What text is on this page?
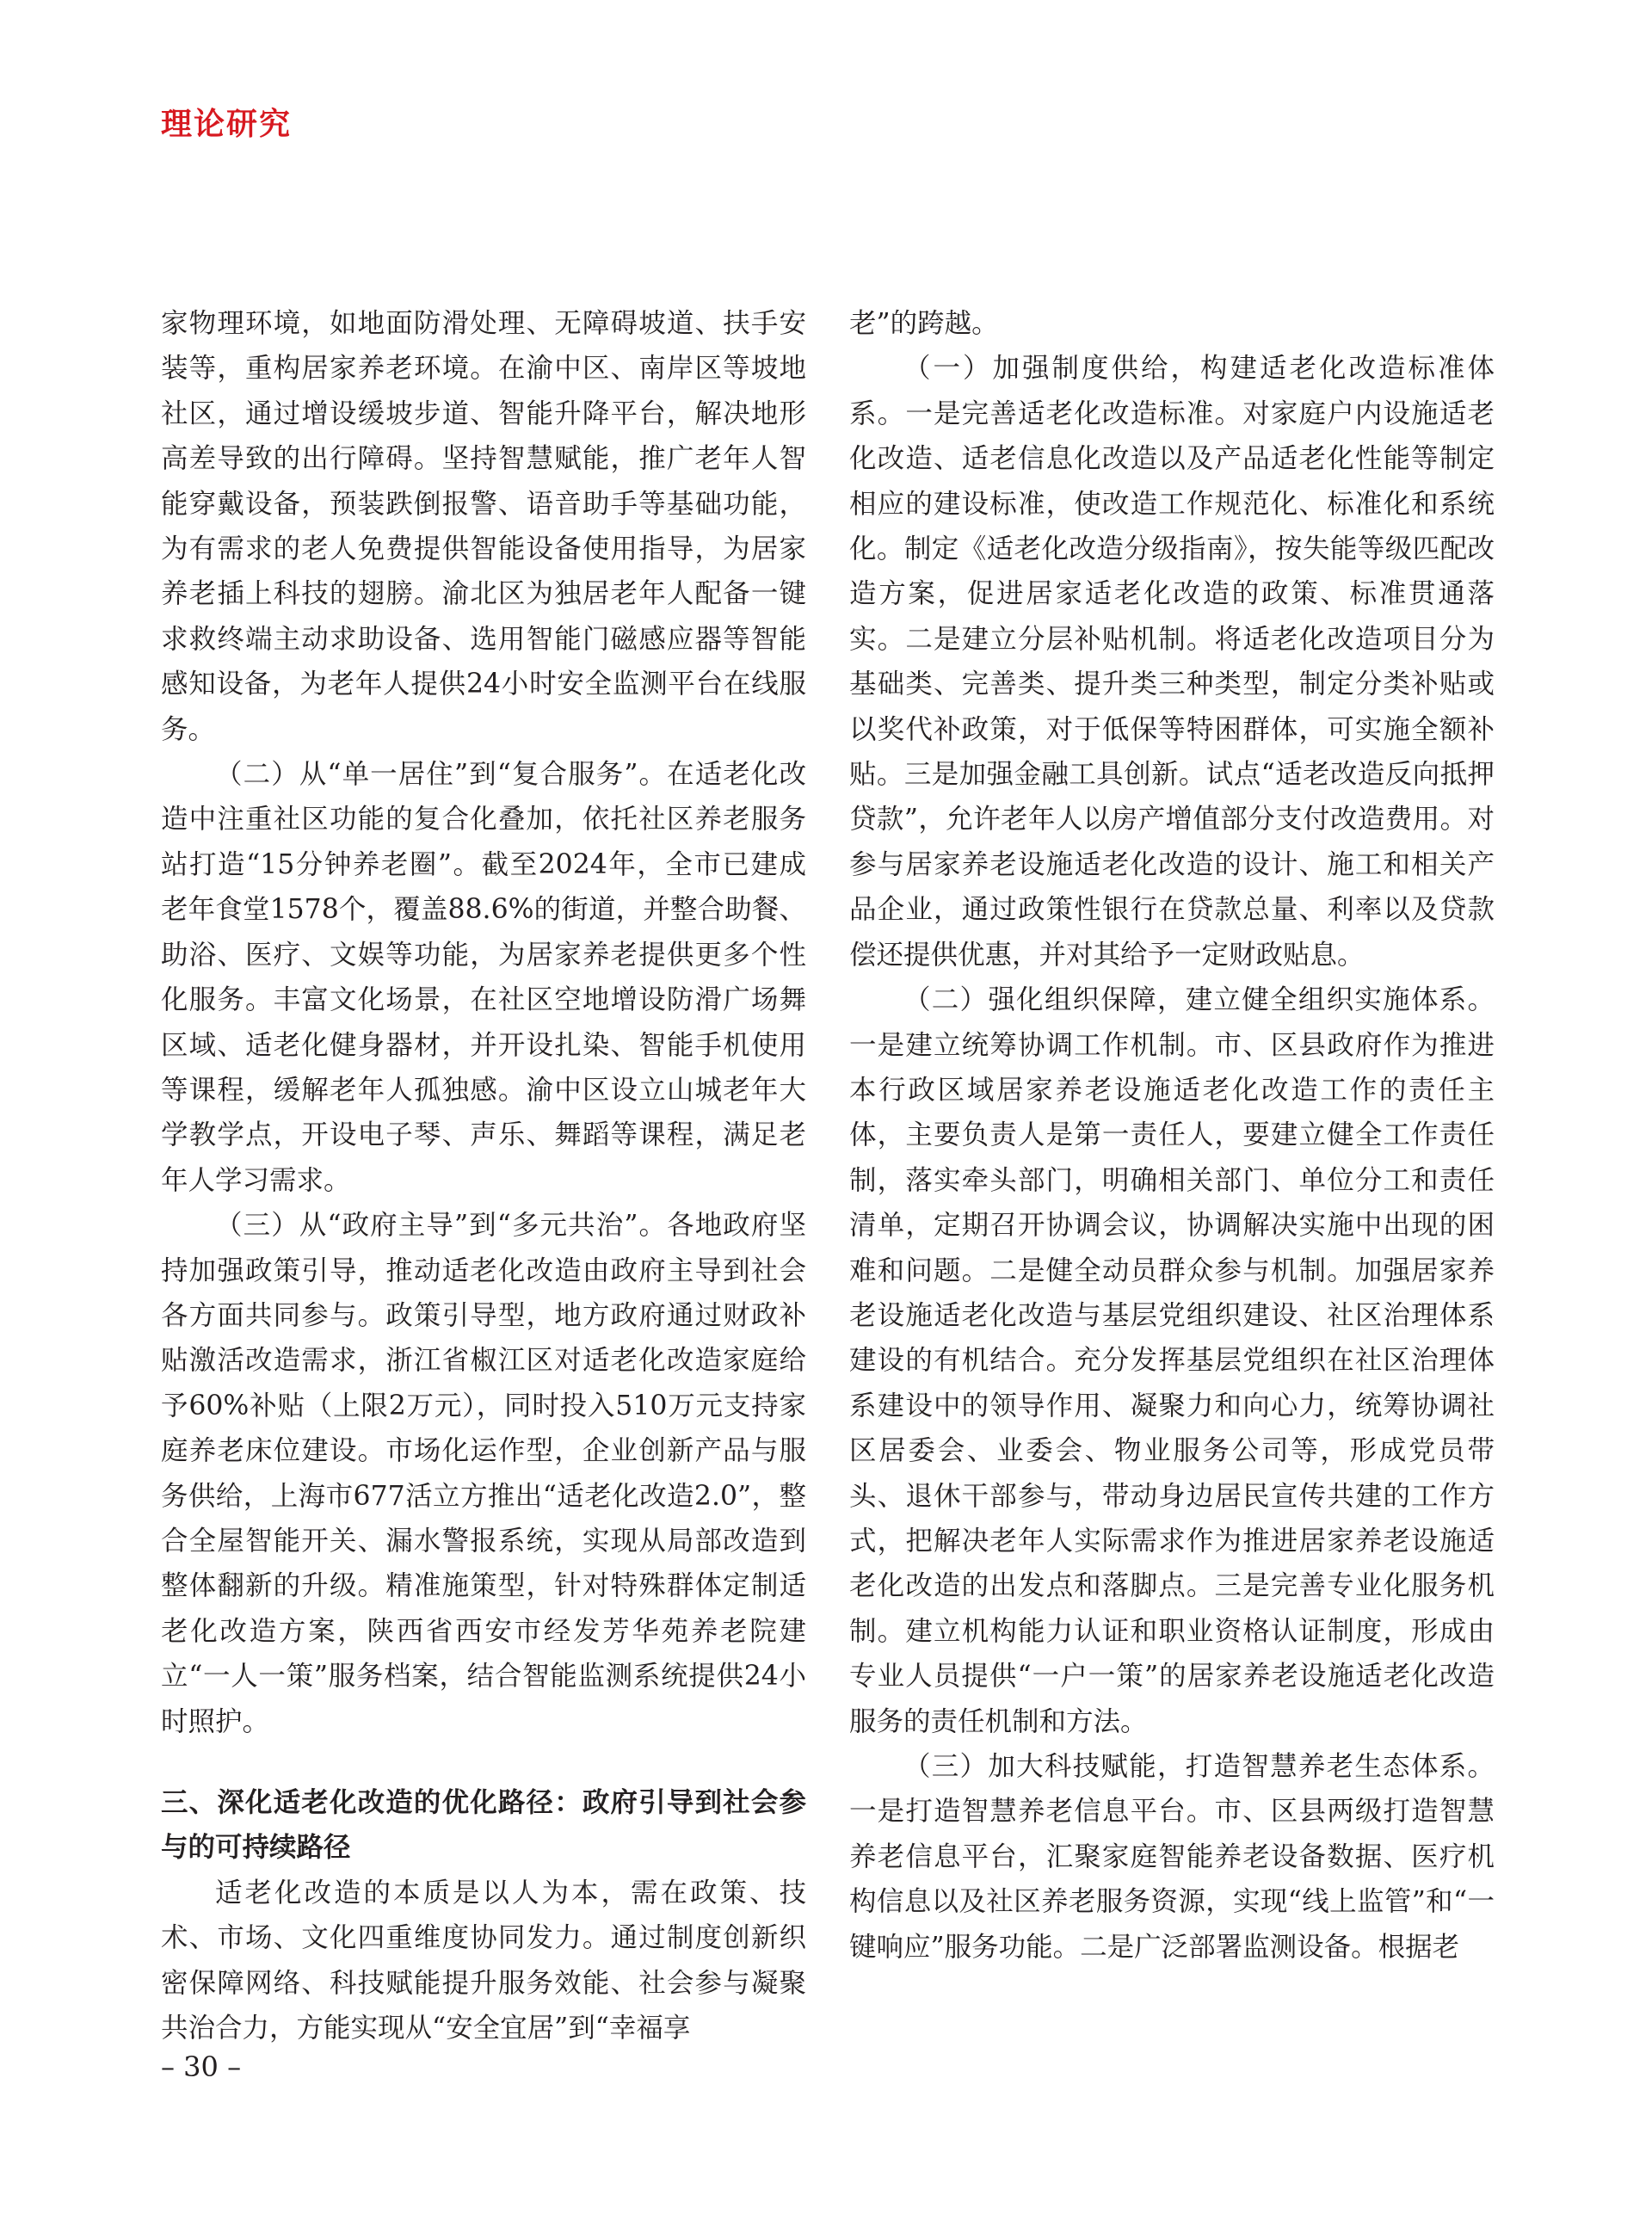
理论研究

家物理环境，如地面防滑处理、无障碍坡道、扶手安装等，重构居家养老环境。在渝中区、南岸区等坡地社区，通过增设缓坡步道、智能升降平台，解决地形高差导致的出行障碍。坚持智慧赋能，推广老年人智能穿戴设备，预装跌倒报警、语音助手等基础功能，为有需求的老人免费提供智能设备使用指导，为居家养老插上科技的翅膀。渝北区为独居老年人配备一键求救终端主动求助设备、选用智能门磁感应器等智能感知设备，为老年人提供24小时安全监测平台在线服务。

（二）从“单一居住”到“复合服务”。在适老化改造中注重社区功能的复合化叠加，依托社区养老服务站打造“15分钟养老圈”。截至2024年，全市已建成老年食堂1578个，覆盖88.6%的街道，并整合助餐、助浴、医疗、文娱等功能，为居家养老提供更多个性化服务。丰富文化场景，在社区空地增设防滑广场舞区域、适老化健身器材，并开设扎染、智能手机使用等课程，缓解老年人孤独感。渝中区设立山城老年大学教学点，开设电子琴、声乐、舞蹈等课程，满足老年人学习需求。

（三）从“政府主导”到“多元共治”。各地政府坚持加强政策引导，推动适老化改造由政府主导到社会各方面共同参与。政策引导型，地方政府通过财政补贴激活改造需求，浙江省椒江区对适老化改造家庭给予60%补贴（上限2万元），同时投入510万元支持家庭养老床位建设。市场化运作型，企业创新产品与服务供给，上海市677活立方推出“适老化改造2.0”，整合全屋智能开关、漏水警报系统，实现从局部改造到整体翻新的升级。精准施策型，针对特殊群体定制适老化改造方案，陕西省西安市经发芳华苑养老院建立“一人一策”服务档案，结合智能监测系统提供24小时照护。

三、深化适老化改造的优化路径：政府引导到社会参与的可持续路径

适老化改造的本质是以人为本，需在政策、技术、市场、文化四重维度协同发力。通过制度创新织密保障网络、科技赋能提升服务效能、社会参与凝聚共治合力，方能实现从“安全宜居”到“幸福享

老”的跨越。

（一）加强制度供给，构建适老化改造标准体系。一是完善适老化改造标准。对家庭户内设施适老化改造、适老信息化改造以及产品适老化性能等制定相应的建设标准，使改造工作规范化、标准化和系统化。制定《适老化改造分级指南》，按失能等级匹配改造方案，促进居家适老化改造的政策、标准贯通落实。二是建立分层补贴机制。将适老化改造项目分为基础类、完善类、提升类三种类型，制定分类补贴或以奖代补政策，对于低保等特困群体，可实施全额补贴。三是加强金融工具创新。试点“适老改造反向抵押贷款”，允许老年人以房产增值部分支付改造费用。对参与居家养老设施适老化改造的设计、施工和相关产品企业，通过政策性银行在贷款总量、利率以及贷款偿还提供优惠，并对其给予一定财政贴息。

（二）强化组织保障，建立健全组织实施体系。一是建立统筹协调工作机制。市、区县政府作为推进本行政区域居家养老设施适老化改造工作的责任主体，主要负责人是第一责任人，要建立健全工作责任制，落实牵头部门，明确相关部门、单位分工和责任清单，定期召开协调会议，协调解决实施中出现的困难和问题。二是健全动员群众参与机制。加强居家养老设施适老化改造与基层党组织建设、社区治理体系建设的有机结合。充分发挥基层党组织在社区治理体系建设中的领导作用、凝聚力和向心力，统筹协调社区居委会、业委会、物业服务公司等，形成党员带头、退休干部参与，带动身边居民宣传共建的工作方式，把解决老年人实际需求作为推进居家养老设施适老化改造的出发点和落脚点。三是完善专业化服务机制。建立机构能力认证和职业资格认证制度，形成由专业人员提供“一户一策”的居家养老设施适老化改造服务的责任机制和方法。

（三）加大科技赋能，打造智慧养老生态体系。一是打造智慧养老信息平台。市、区县两级打造智慧养老信息平台，汇聚家庭智能养老设备数据、医疗机构信息以及社区养老服务资源，实现“线上监管”和“一键响应”服务功能。二是广泛部署监测设备。根据老

– 30 –
